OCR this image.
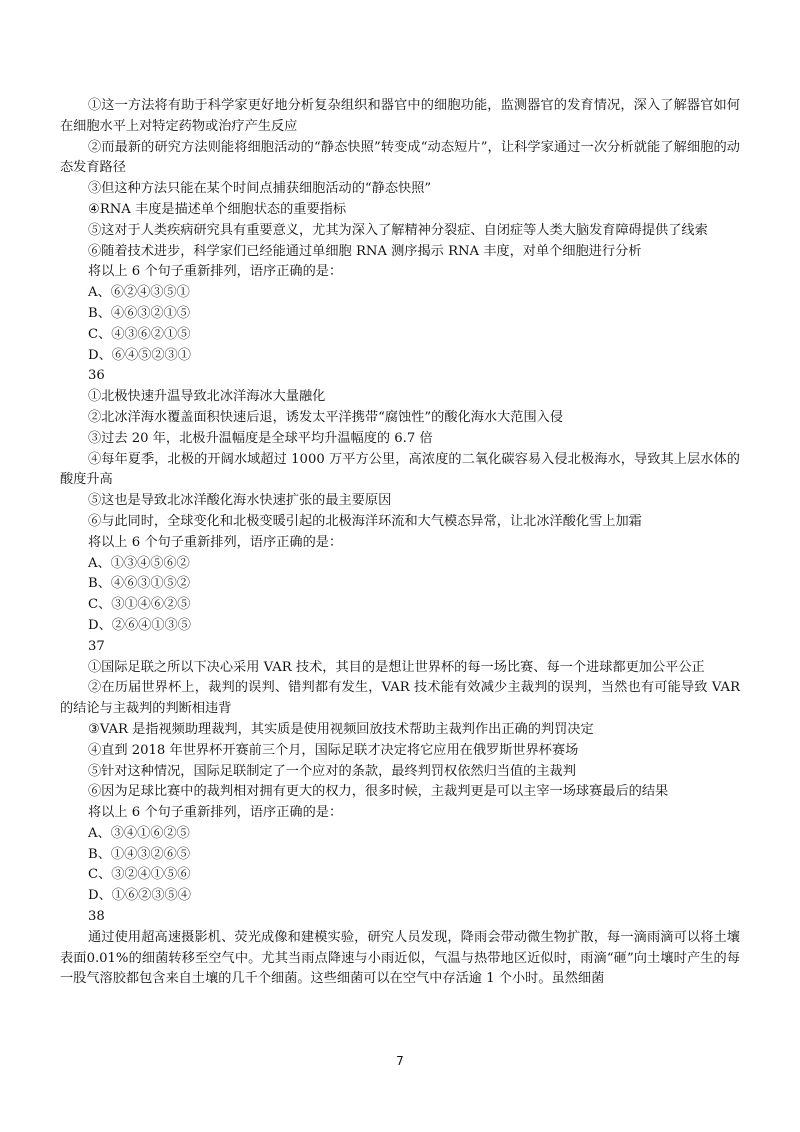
①这一方法将有助于科学家更好地分析复杂组织和器官中的细胞功能，监测器官的发育情况，深入了解器官如何在细胞水平上对特定药物或治疗产生反应

②而最新的研究方法则能将细胞活动的“静态快照”转变成“动态短片”，让科学家通过一次分析就能了解细胞的动态发育路径

③但这种方法只能在某个时间点捕获细胞活动的“静态快照”

④RNA 丰度是描述单个细胞状态的重要指标

⑤这对于人类疾病研究具有重要意义，尤其为深入了解精神分裂症、自闭症等人类大脑发育障碍提供了线索

⑥随着技术进步，科学家们已经能通过单细胞 RNA 测序揭示 RNA 丰度，对单个细胞进行分析

将以上 6 个句子重新排列，语序正确的是：

A、⑥②④③⑤①

B、④⑥③②①⑤

C、④③⑥②①⑤

D、⑥④⑤②③①

36

①北极快速升温导致北冰洋海冰大量融化

②北冰洋海水覆盖面积快速后退，诱发太平洋携带“腐蚀性”的酸化海水大范围入侵

③过去 20 年，北极升温幅度是全球平均升温幅度的 6.7 倍

④每年夏季，北极的开阔水域超过 1000 万平方公里，高浓度的二氧化碳容易入侵北极海水，导致其上层水体的酸度升高

⑤这也是导致北冰洋酸化海水快速扩张的最主要原因

⑥与此同时，全球变化和北极变暖引起的北极海洋环流和大气模态异常，让北冰洋酸化雪上加霜

将以上 6 个句子重新排列，语序正确的是：

A、①③④⑤⑥②

B、④⑥③①⑤②

C、③①④⑥②⑤

D、②⑥④①③⑤

37

①国际足联之所以下决心采用 VAR 技术，其目的是想让世界杯的每一场比赛、每一个进球都更加公平公正

②在历届世界杯上，裁判的误判、错判都有发生，VAR 技术能有效减少主裁判的误判，当然也有可能导致 VAR 的结论与主裁判的判断相违背

③VAR 是指视频助理裁判，其实质是使用视频回放技术帮助主裁判作出正确的判罚决定

④直到 2018 年世界杯开赛前三个月，国际足联才决定将它应用在俄罗斯世界杯赛场

⑤针对这种情况，国际足联制定了一个应对的条款，最终判罚权依然归当值的主裁判

⑥因为足球比赛中的裁判相对拥有更大的权力，很多时候，主裁判更是可以主宰一场球赛最后的结果

将以上 6 个句子重新排列，语序正确的是：

A、③④①⑥②⑤

B、①④③②⑥⑤

C、③②④①⑤⑥

D、①⑥②③⑤④

38

通过使用超高速摄影机、荧光成像和建模实验，研究人员发现，降雨会带动微生物扩散，每一滴雨滴可以将土壤表面0.01%的细菌转移至空气中。尤其当雨点降速与小雨近似，气温与热带地区近似时，雨滴“砸”向土壤时产生的每一股气溶胶都包含来自土壤的几千个细菌。这些细菌可以在空气中存活逾 1 个小时。虽然细菌

7
